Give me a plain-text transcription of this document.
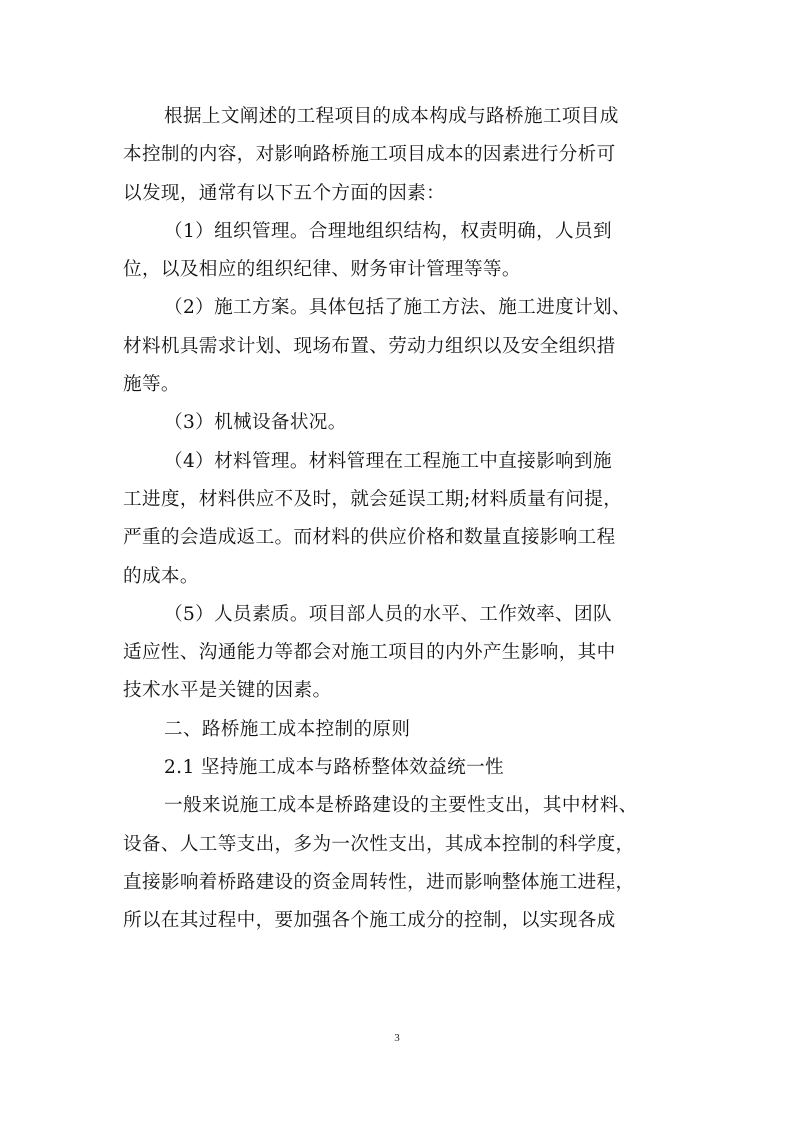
根据上文阐述的工程项目的成本构成与路桥施工项目成
本控制的内容，对影响路桥施工项目成本的因素进行分析可
以发现，通常有以下五个方面的因素：
（1）组织管理。合理地组织结构，权责明确，人员到
位，以及相应的组织纪律、财务审计管理等等。
（2）施工方案。具体包括了施工方法、施工进度计划、
材料机具需求计划、现场布置、劳动力组织以及安全组织措
施等。
（3）机械设备状况。
（4）材料管理。材料管理在工程施工中直接影响到施
工进度，材料供应不及时，就会延误工期;材料质量有问提，
严重的会造成返工。而材料的供应价格和数量直接影响工程
的成本。
（5）人员素质。项目部人员的水平、工作效率、团队
适应性、沟通能力等都会对施工项目的内外产生影响，其中
技术水平是关键的因素。
二、路桥施工成本控制的原则
2.1 坚持施工成本与路桥整体效益统一性
一般来说施工成本是桥路建设的主要性支出，其中材料、
设备、人工等支出，多为一次性支出，其成本控制的科学度，
直接影响着桥路建设的资金周转性，进而影响整体施工进程，
所以在其过程中，要加强各个施工成分的控制，以实现各成
3
